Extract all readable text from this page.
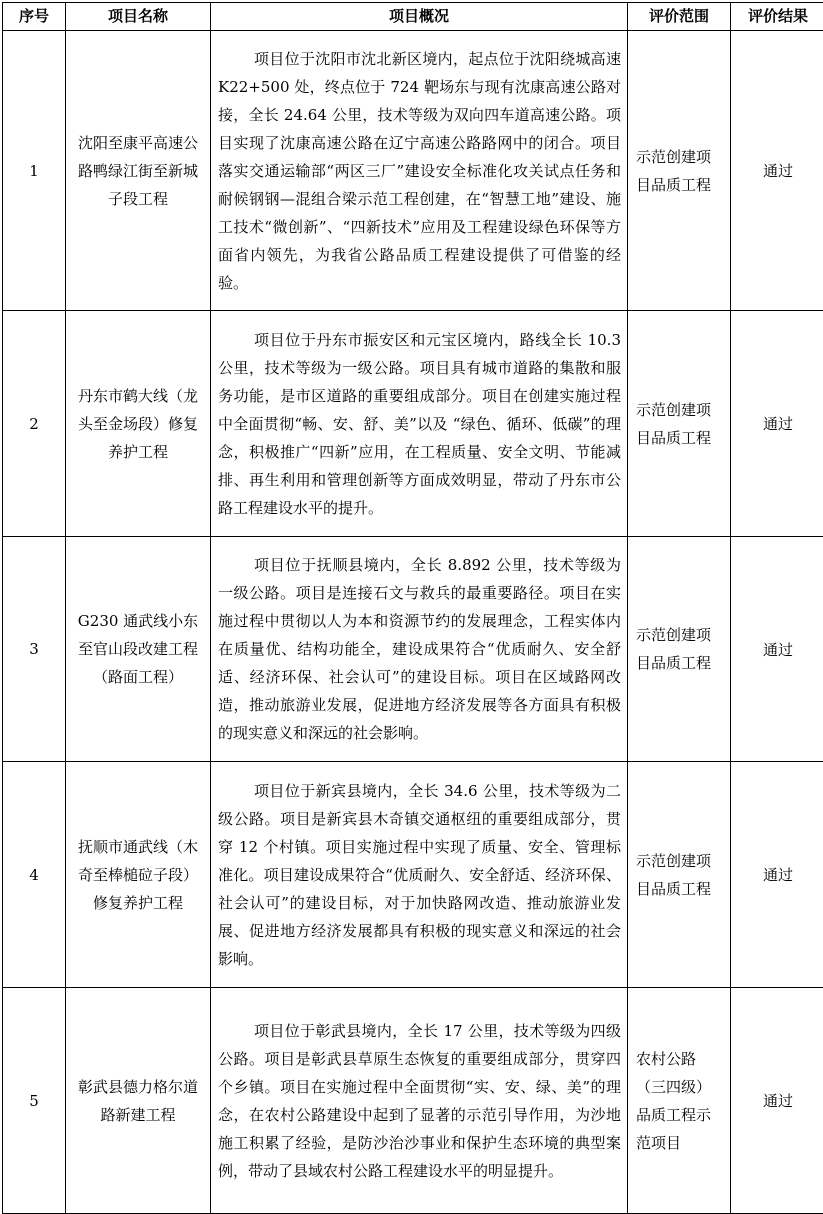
序号	项目名称	项目概况	评价范围	评价结果
1	沈阳至康平高速公路鸭绿江街至新城子段工程	项目位于沈阳市沈北新区境内，起点位于沈阳绕城高速 K22+500 处，终点位于 724 靶场东与现有沈康高速公路对接，全长 24.64 公里，技术等级为双向四车道高速公路。项目实现了沈康高速公路在辽宁高速公路路网中的闭合。项目落实交通运输部“两区三厂”建设安全标准化攻关试点任务和耐候钢钢—混组合梁示范工程创建，在“智慧工地”建设、施工技术“微创新”、“四新技术”应用及工程建设绿色环保等方面省内领先，为我省公路品质工程建设提供了可借鉴的经验。	示范创建项目品质工程	通过
2	丹东市鹤大线（龙头至金场段）修复养护工程	项目位于丹东市振安区和元宝区境内，路线全长 10.3 公里，技术等级为一级公路。项目具有城市道路的集散和服务功能，是市区道路的重要组成部分。项目在创建实施过程中全面贯彻“畅、安、舒、美”以及 “绿色、循环、低碳”的理念，积极推广“四新”应用，在工程质量、安全文明、节能减排、再生利用和管理创新等方面成效明显，带动了丹东市公路工程建设水平的提升。	示范创建项目品质工程	通过
3	G230 通武线小东至官山段改建工程（路面工程）	项目位于抚顺县境内，全长 8.892 公里，技术等级为一级公路。项目是连接石文与救兵的最重要路径。项目在实施过程中贯彻以人为本和资源节约的发展理念，工程实体内在质量优、结构功能全，建设成果符合“优质耐久、安全舒适、经济环保、社会认可”的建设目标。项目在区域路网改造，推动旅游业发展，促进地方经济发展等各方面具有积极的现实意义和深远的社会影响。	示范创建项目品质工程	通过
4	抚顺市通武线（木奇至棒槌砬子段）修复养护工程	项目位于新宾县境内，全长 34.6 公里，技术等级为二级公路。项目是新宾县木奇镇交通枢纽的重要组成部分，贯穿 12 个村镇。项目实施过程中实现了质量、安全、管理标准化。项目建设成果符合“优质耐久、安全舒适、经济环保、社会认可”的建设目标，对于加快路网改造、推动旅游业发展、促进地方经济发展都具有积极的现实意义和深远的社会影响。	示范创建项目品质工程	通过
5	彰武县德力格尔道路新建工程	项目位于彰武县境内，全长 17 公里，技术等级为四级公路。项目是彰武县草原生态恢复的重要组成部分，贯穿四个乡镇。项目在实施过程中全面贯彻“实、安、绿、美”的理念，在农村公路建设中起到了显著的示范引导作用，为沙地施工积累了经验，是防沙治沙事业和保护生态环境的典型案例，带动了县域农村公路工程建设水平的明显提升。	农村公路（三四级）品质工程示范项目	通过
